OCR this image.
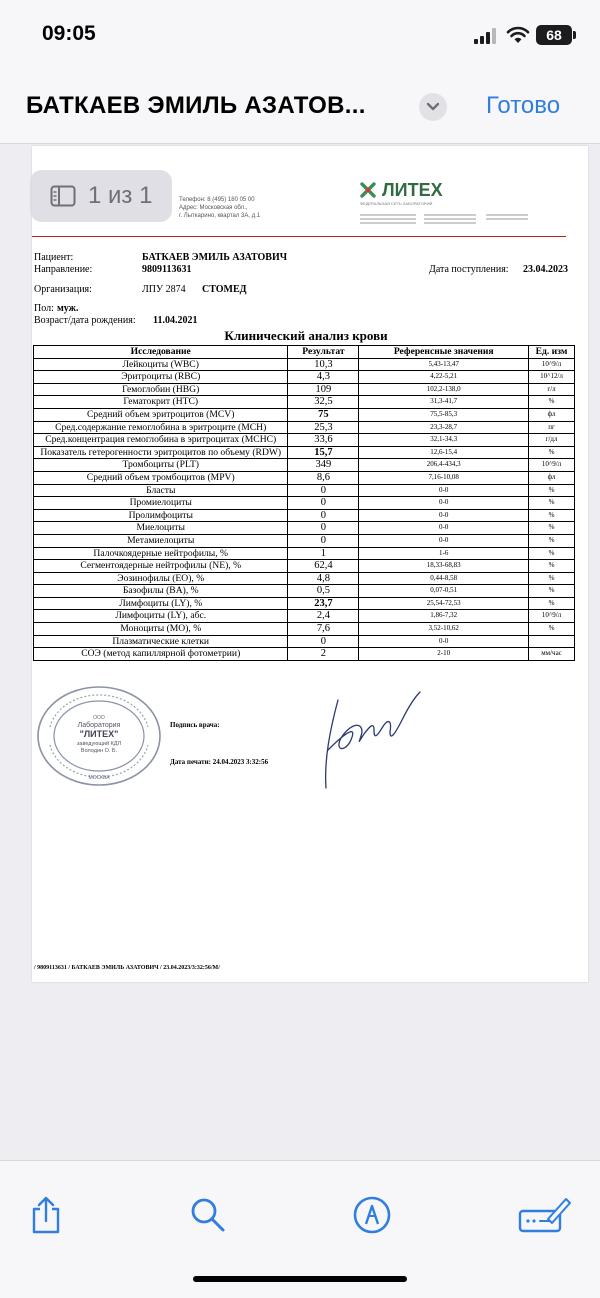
09:05	68
БАТКАЕВ ЭМИЛЬ АЗАТОВ...	Готово
1 из 1	Телефон: 8 (495) 180 05 00
Адрес: Московская обл.,
г. Лыткарино, квартал 3А, д.1
ЛИТЕХ
ФЕДЕРАЛЬНАЯ СЕТЬ ЛАБОРАТОРИЙ
Пациент:	БАТКАЕВ ЭМИЛЬ АЗАТОВИЧ
Направление:	9809113631	Дата поступления: 23.04.2023
Организация:	ЛПУ 2874 СТОМЕД
Пол: муж.
Возраст/дата рождения: 11.04.2021
Клинический анализ крови
Исследование	Результат	Референсные значения	Ед. изм
Лейкоциты (WBC)	10,3	5,43-13,47	10^9/л
Эритроциты (RBC)	4,3	4,22-5,21	10^12/л
Гемоглобин (HBG)	109	102,2-138,0	г/л
Гематокрит (HTC)	32,5	31,3-41,7	%
Средний объем эритроцитов (MCV)	75	75,5-85,3	фл
Сред.содержание гемоглобина в эритроците (MCH)	25,3	23,3-28,7	пг
Сред.концентрация гемоглобина в эритроцитах (MCHC)	33,6	32,1-34,3	г/дл
Показатель гетерогенности эритроцитов по объему (RDW)	15,7	12,6-15,4	%
Тромбоциты (PLT)	349	206,4-434,3	10^9/л
Средний объем тромбоцитов (MPV)	8,6	7,16-10,08	фл
Бласты	0	0-0	%
Промиелоциты	0	0-0	%
Пролимфоциты	0	0-0	%
Миелоциты	0	0-0	%
Метамиелоциты	0	0-0	%
Палочкоядерные нейтрофилы, %	1	1-6	%
Сегментоядерные нейтрофилы (NE), %	62,4	18,33-68,83	%
Эозинофилы (EO), %	4,8	0,44-8,58	%
Базофилы (BA), %	0,5	0,07-0,51	%
Лимфоциты (LY), %	23,7	25,54-72,53	%
Лимфоциты (LY), абс.	2,4	1,86-7,32	10^9/л
Моноциты (MO), %	7,6	3,52-10,62	%
Плазматические клетки	0	0-0	
СОЭ (метод капиллярной фотометрии)	2	2-10	мм/час
ООО
Лаборатория
"ЛИТЕХ"
заведующий КДЛ
Володин О. Б.
МОСКВА
Подпись врача:
Дата печати: 24.04.2023 3:32:56
/ 9809113631 / БАТКАЕВ ЭМИЛЬ АЗАТОВИЧ / 23.04.2023/3:32:56/М/
